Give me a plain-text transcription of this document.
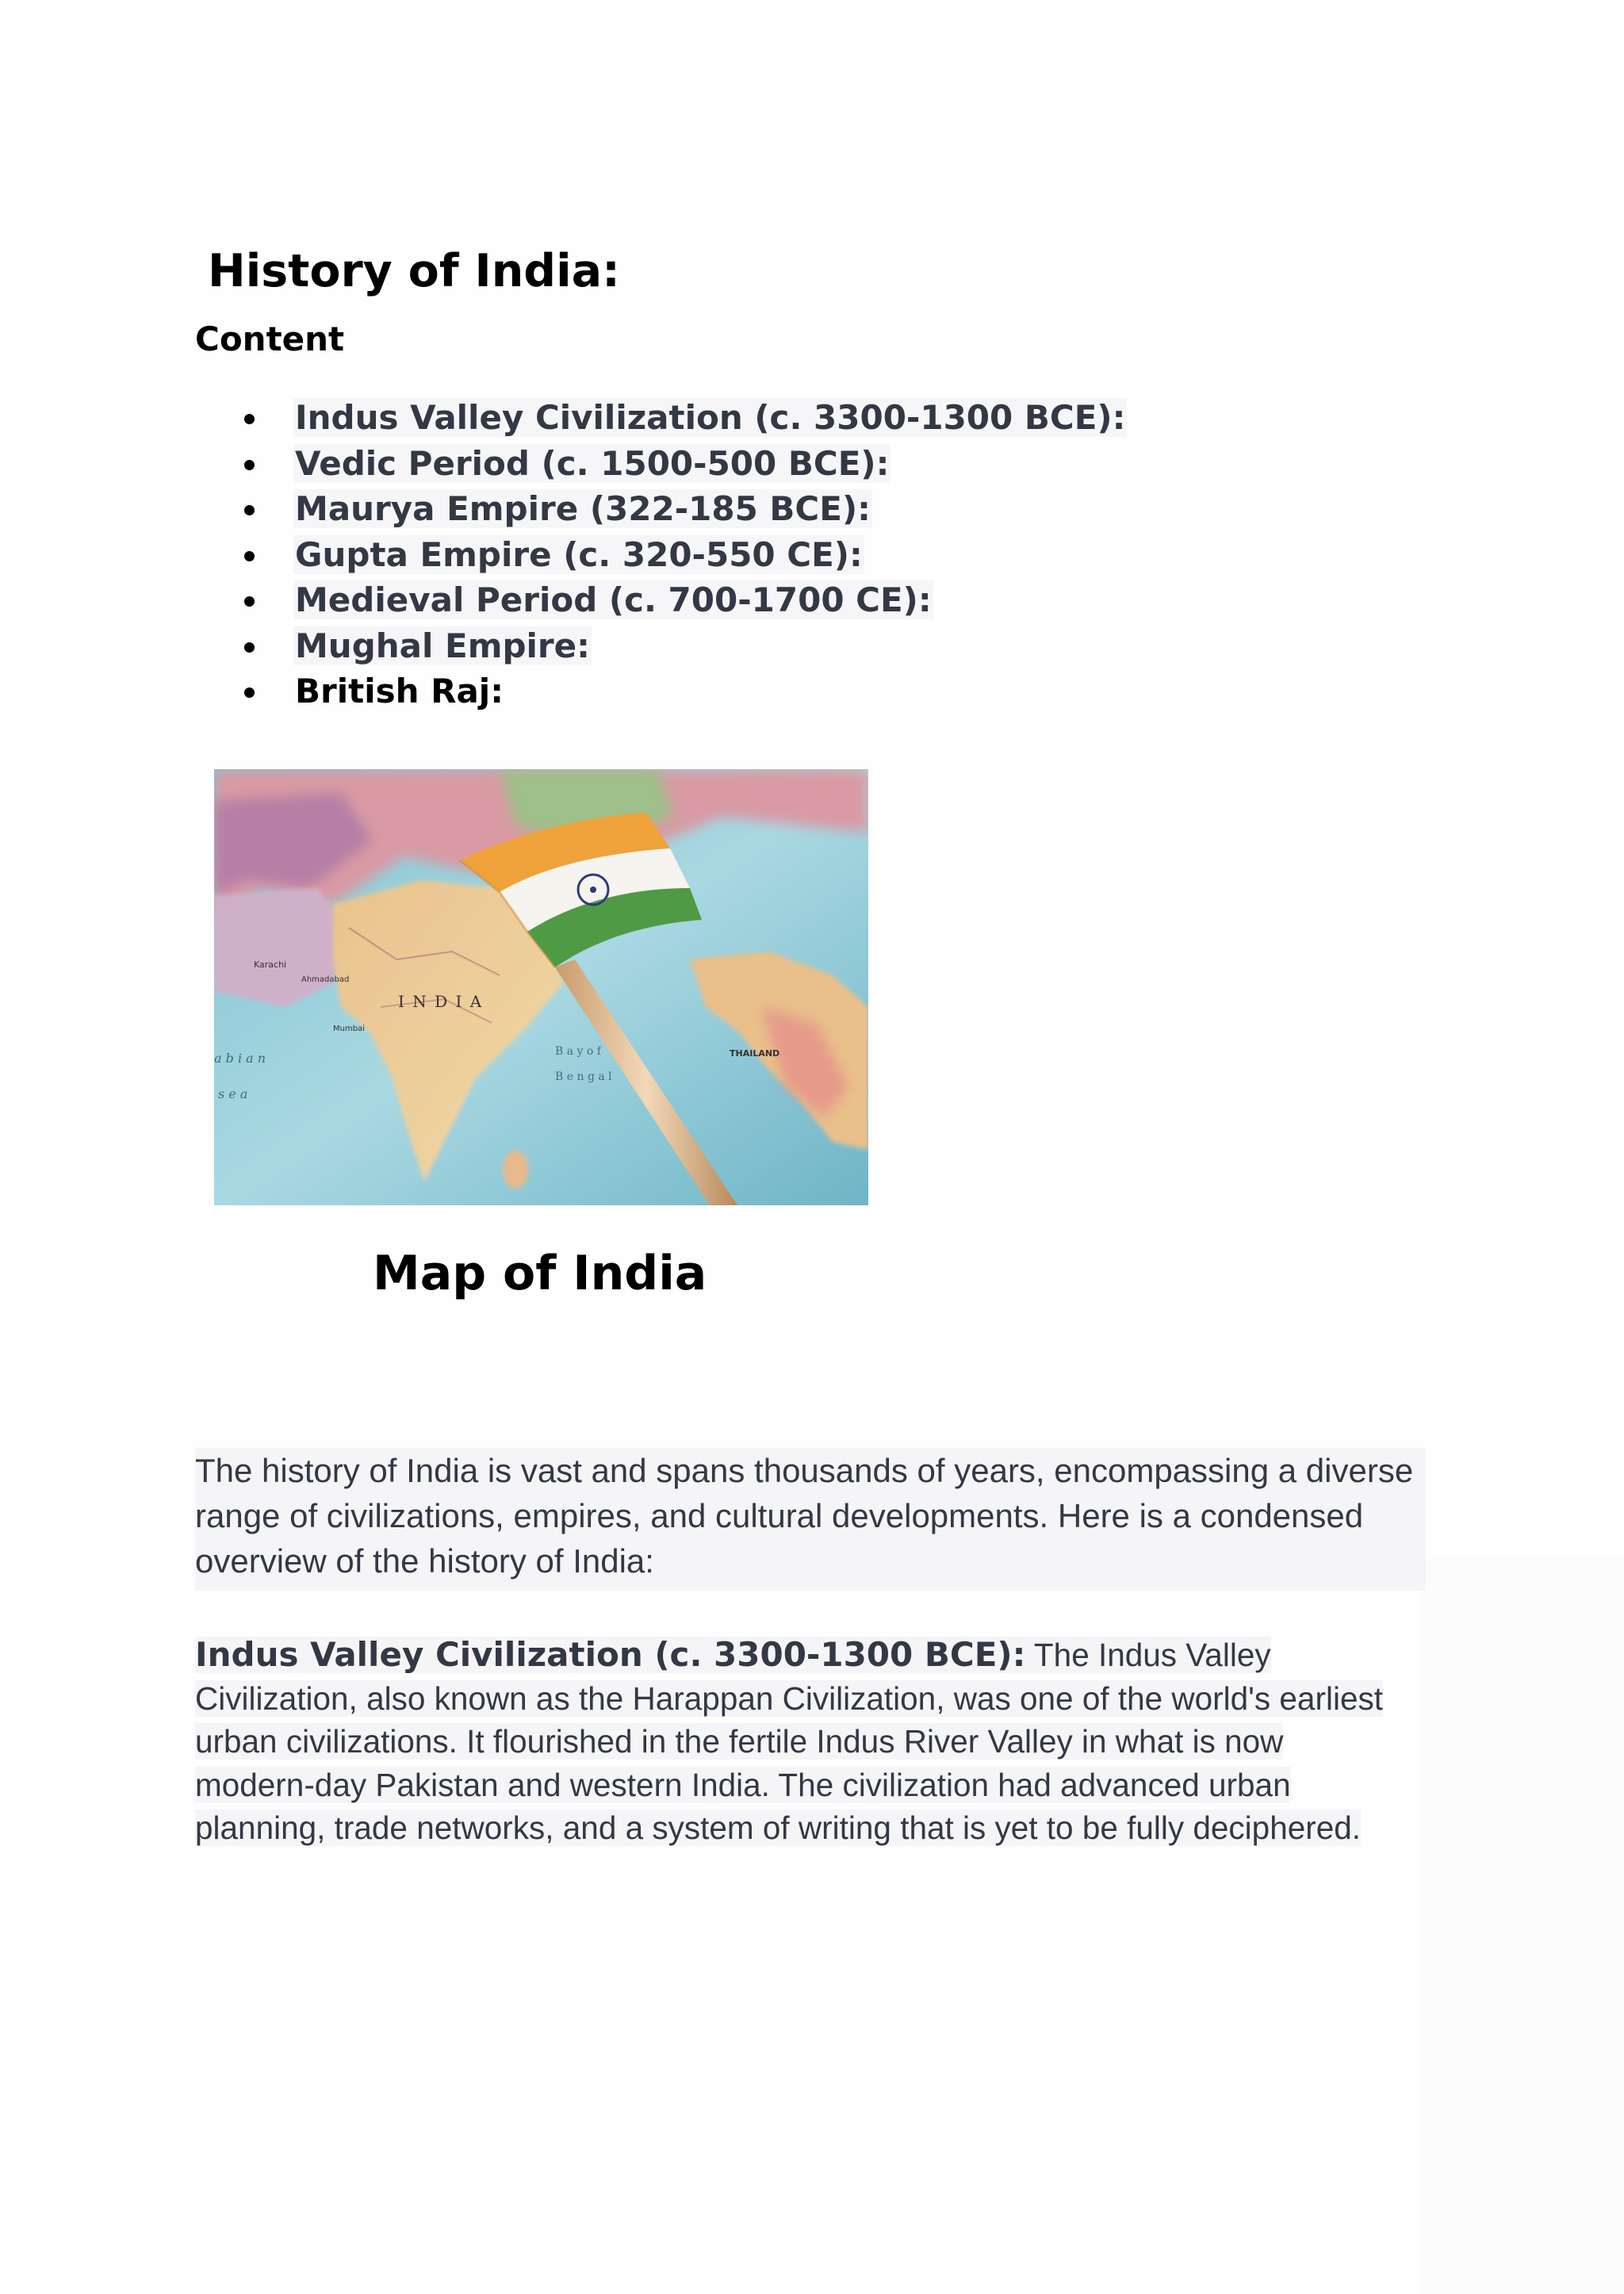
History of India:
Content
Indus Valley Civilization (c. 3300-1300 BCE):
Vedic Period (c. 1500-500 BCE):
Maurya Empire (322-185 BCE):
Gupta Empire (c. 320-550 CE):
Medieval Period (c. 700-1700 CE):
Mughal Empire:
British Raj:
I N D I A
Karachi
Ahmadabad
Mumbai
B a y o f
B e n g a l
THAILAND
a b i a n
s e a
Map of India

The history of India is vast and spans thousands of years, encompassing a diverse

range of civilizations, empires, and cultural developments. Here is a condensed

overview of the history of India:

Indus Valley Civilization (c. 3300-1300 BCE): The Indus Valley
Civilization, also known as the Harappan Civilization, was one of the world's earliest
urban civilizations. It flourished in the fertile Indus River Valley in what is now
modern-day Pakistan and western India. The civilization had advanced urban
planning, trade networks, and a system of writing that is yet to be fully deciphered.
